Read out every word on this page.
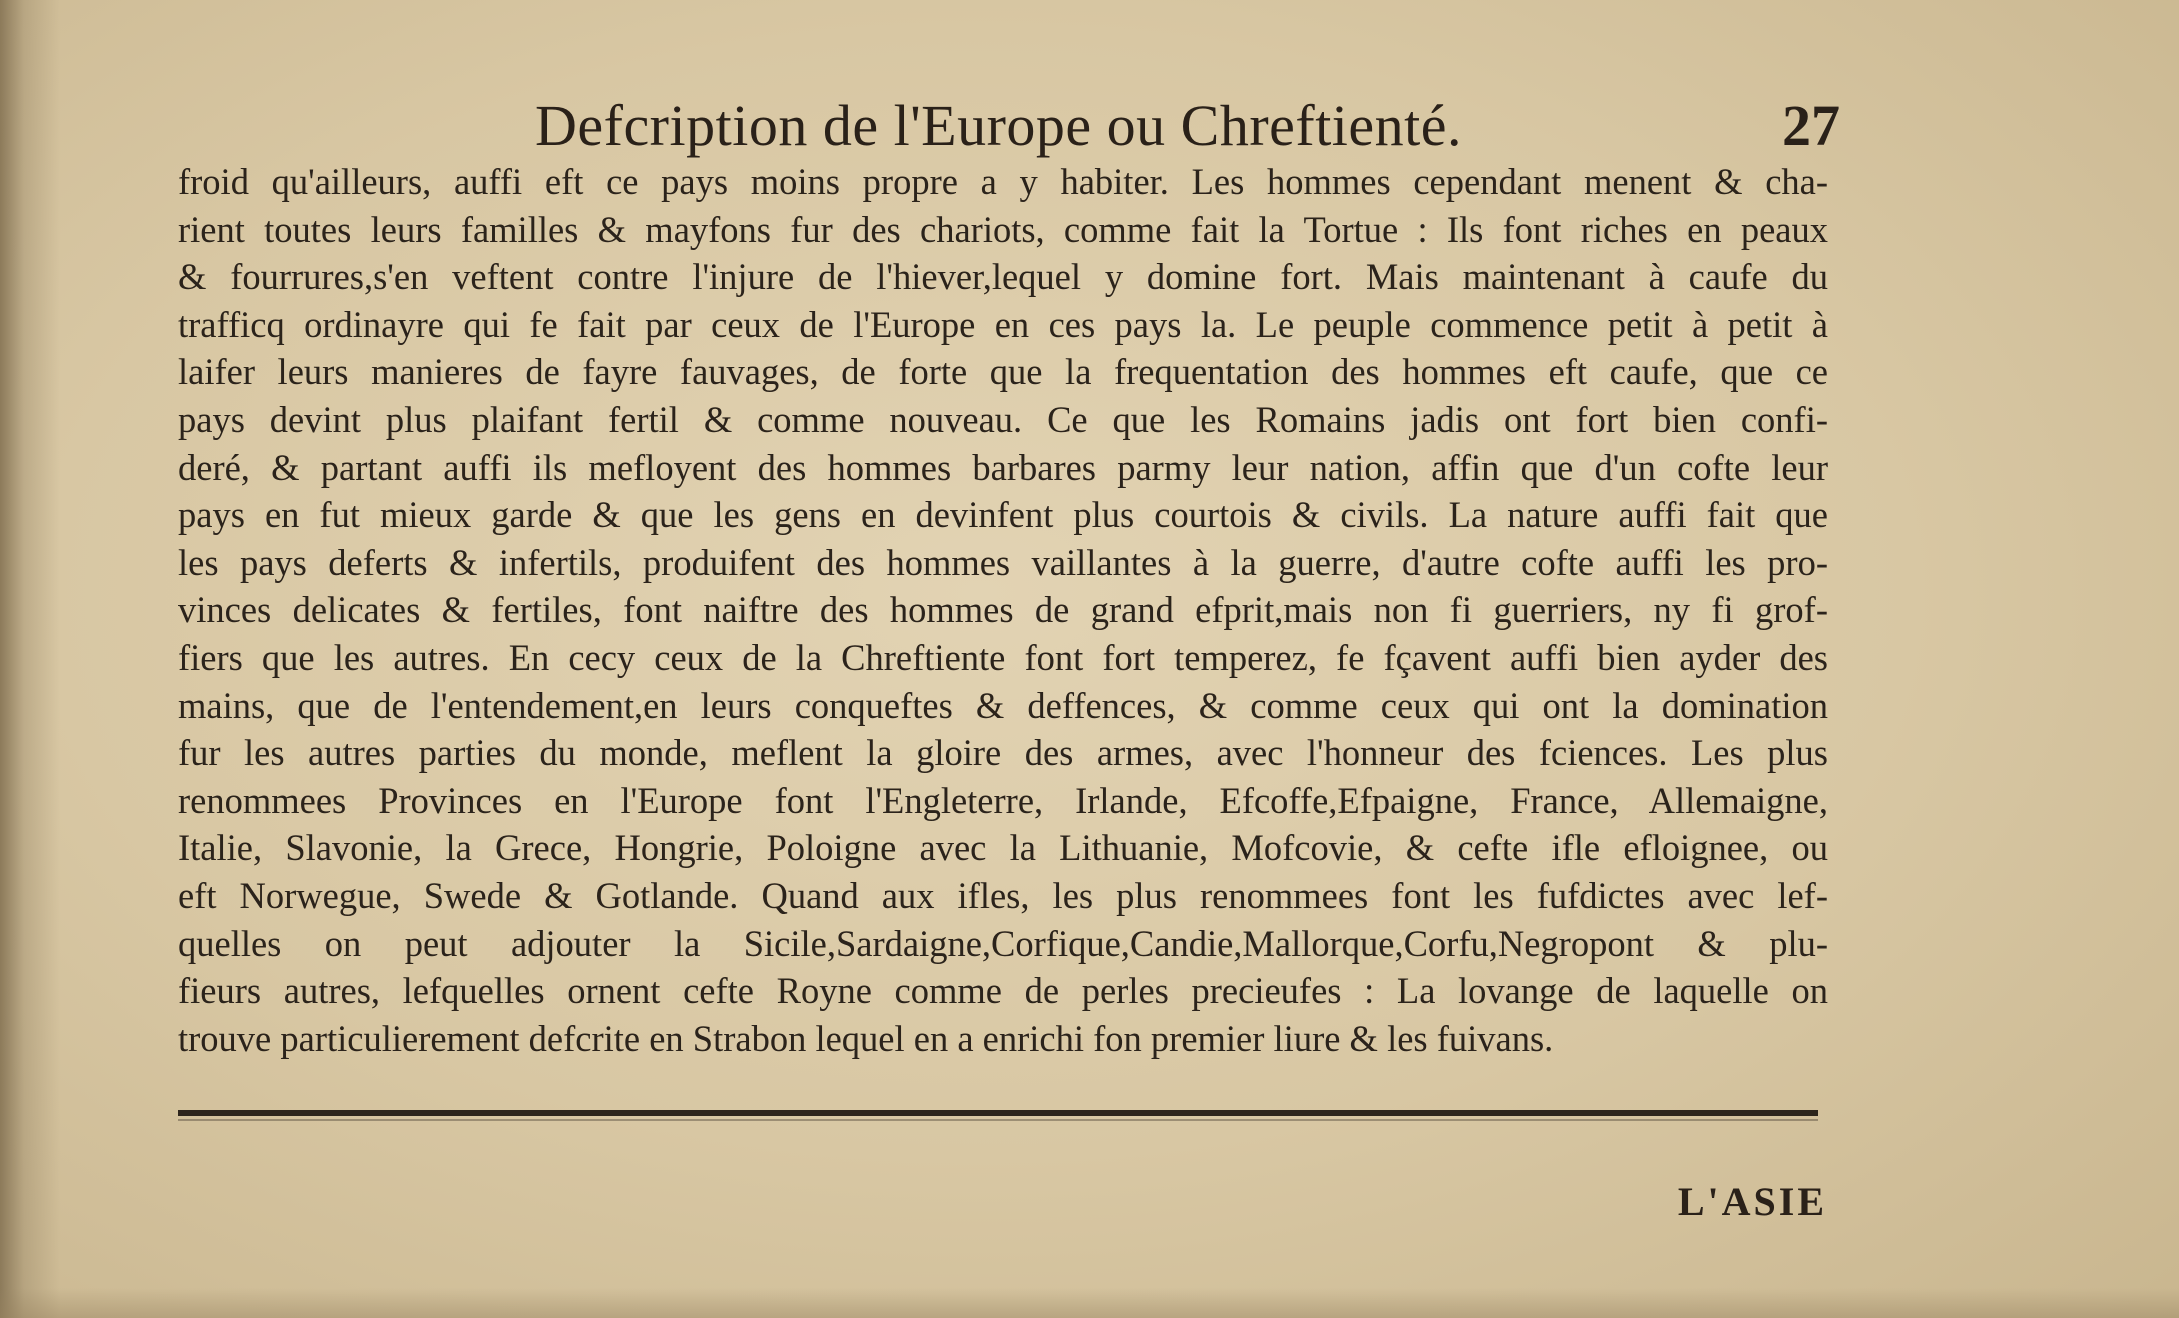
Defcription de l'Europe ou Chreftienté.	27
froid qu'ailleurs, auffi eft ce pays moins propre a y habiter. Les hommes cependant menent & cha-
rient toutes leurs familles & mayfons fur des chariots, comme fait la Tortue : Ils font riches en peaux
& fourrures,s'en veftent contre l'injure de l'hiever,lequel y domine fort. Mais maintenant à caufe du
trafficq ordinayre qui fe fait par ceux de l'Europe en ces pays la. Le peuple commence petit à petit à
laifer leurs manieres de fayre fauvages, de forte que la frequentation des hommes eft caufe, que ce
pays devint plus plaifant fertil & comme nouveau. Ce que les Romains jadis ont fort bien confi-
deré, & partant auffi ils mefloyent des hommes barbares parmy leur nation, affin que d'un cofte leur
pays en fut mieux garde & que les gens en devinfent plus courtois & civils. La nature auffi fait que
les pays deferts & infertils, produifent des hommes vaillantes à la guerre, d'autre cofte auffi les pro-
vinces delicates & fertiles, font naiftre des hommes de grand efprit,mais non fi guerriers, ny fi grof-
fiers que les autres. En cecy ceux de la Chreftiente font fort temperez, fe fçavent auffi bien ayder des
mains, que de l'entendement,en leurs conqueftes & deffences, & comme ceux qui ont la domination
fur les autres parties du monde, meflent la gloire des armes, avec l'honneur des fciences. Les plus
renommees Provinces en l'Europe font l'Engleterre, Irlande, Efcoffe,Efpaigne, France, Allemaigne,
Italie, Slavonie, la Grece, Hongrie, Poloigne avec la Lithuanie, Mofcovie, & cefte ifle efloignee, ou
eft Norwegue, Swede & Gotlande. Quand aux ifles, les plus renommees font les fufdictes avec lef-
quelles on peut adjouter la Sicile,Sardaigne,Corfique,Candie,Mallorque,Corfu,Negropont & plu-
fieurs autres, lefquelles ornent cefte Royne comme de perles precieufes : La lovange de laquelle on
trouve particulierement defcrite en Strabon lequel en a enrichi fon premier liure & les fuivans.
L'ASIE
